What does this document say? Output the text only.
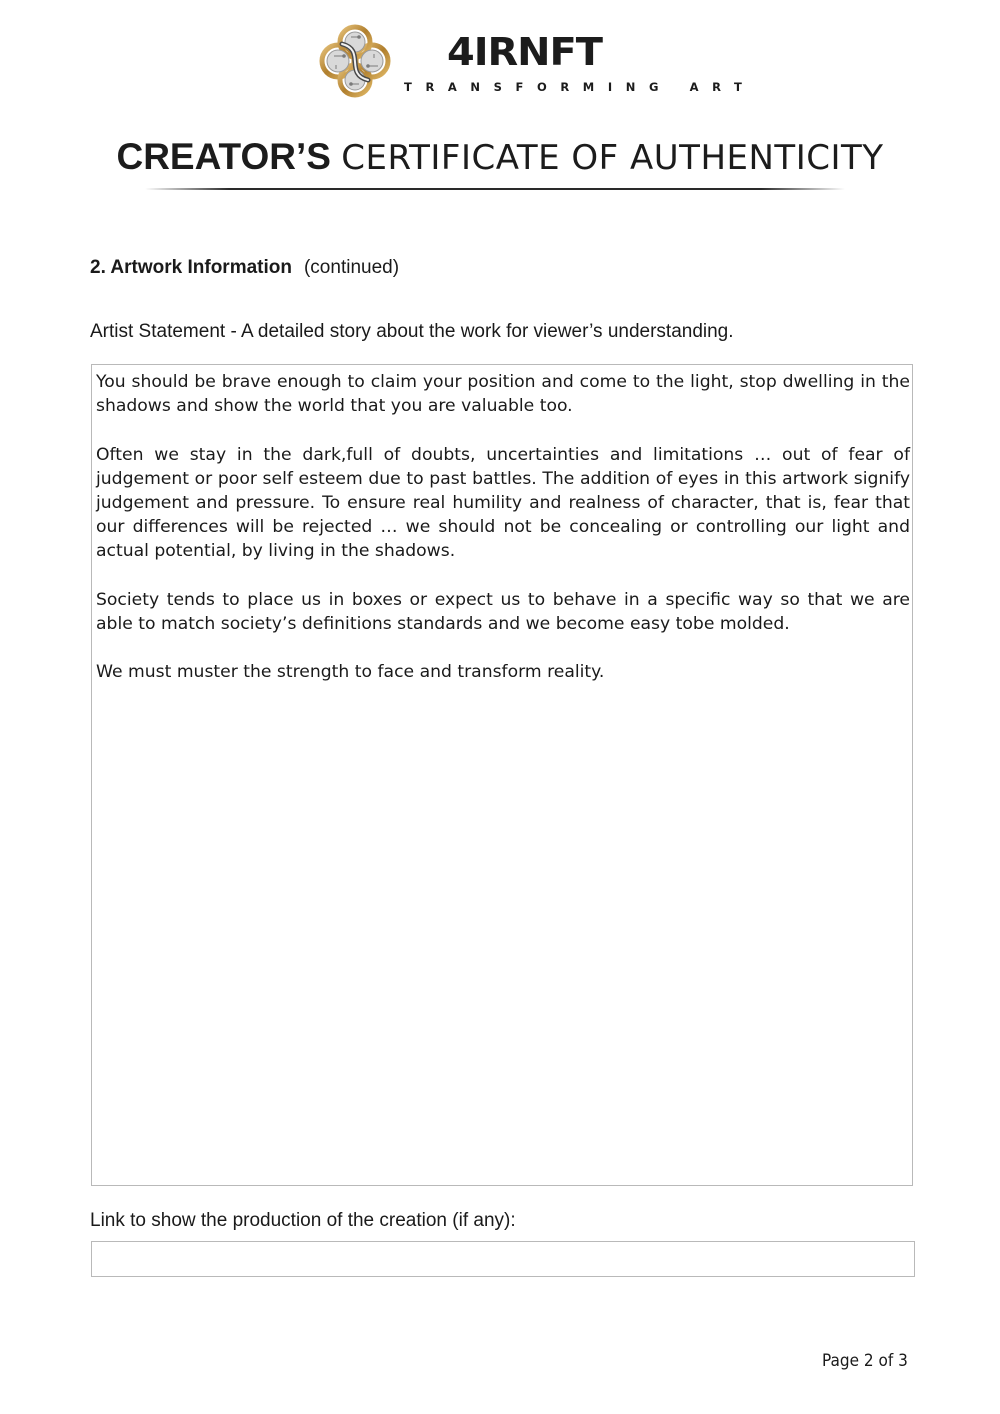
4IRNFT
TRANSFORMING ART
CREATOR’S CERTIFICATE OF AUTHENTICITY
2. Artwork Information (continued)
Artist Statement - A detailed story about the work for viewer’s understanding.

You should be brave enough to claim your position and come to the light, stop dwelling in the shadows and show the world that you are valuable too.

Often we stay in the dark,full of doubts, uncertainties and limitations … out of fear of judgement or poor self esteem due to past battles. The addition of eyes in this artwork signify judgement and pressure. To ensure real humility and realness of character, that is, fear that our differences will be rejected … we should not be concealing or controlling our light and actual potential, by living in the shadows.

Society tends to place us in boxes or expect us to behave in a specific way so that we are able to match society’s definitions standards and we become easy tobe molded.

We must muster the strength to face and transform reality.

Link to show the production of the creation (if any):
Page 2 of 3
